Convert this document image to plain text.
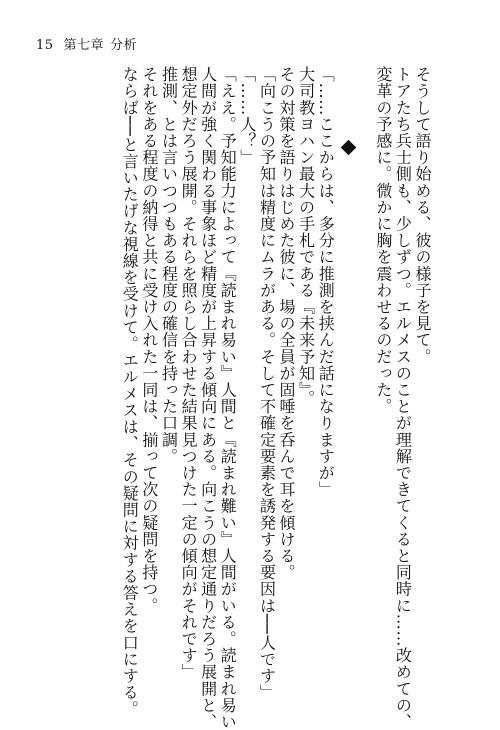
15 第七章 分析

そうして語り始める、彼の様子を見て。

トアたち兵士側も、少しずつ。エルメスのことが理解できてくると同時に……改めての、

変革の予感に。微かに胸を震わせるのだった。

「……ここからは、多分に推測を挟んだ話になりますが」

大司教ヨハン最大の手札である『未来予知』。

その対策を語りはじめた彼に、場の全員が固唾を呑んで耳を傾ける。

「向こうの予知は精度にムラがある。そして不確定要素を誘発する要因は──人です」

「……人？」

「ええ。予知能力によって『読まれ易い』人間と『読まれ難い』人間がいる。読まれ易い

人間が強く関わる事象ほど精度が上昇する傾向にある。向こうの想定通りだろう展開と、

想定外だろう展開。それらを照らし合わせた結果見つけた一定の傾向がそれです」

推測、とは言いつつもある程度の確信を持った口調。

それをある程度の納得と共に受け入れた一同は、揃って次の疑問を持つ。

ならば──と言いたげな視線を受けて。エルメスは、その疑問に対する答えを口にする。
